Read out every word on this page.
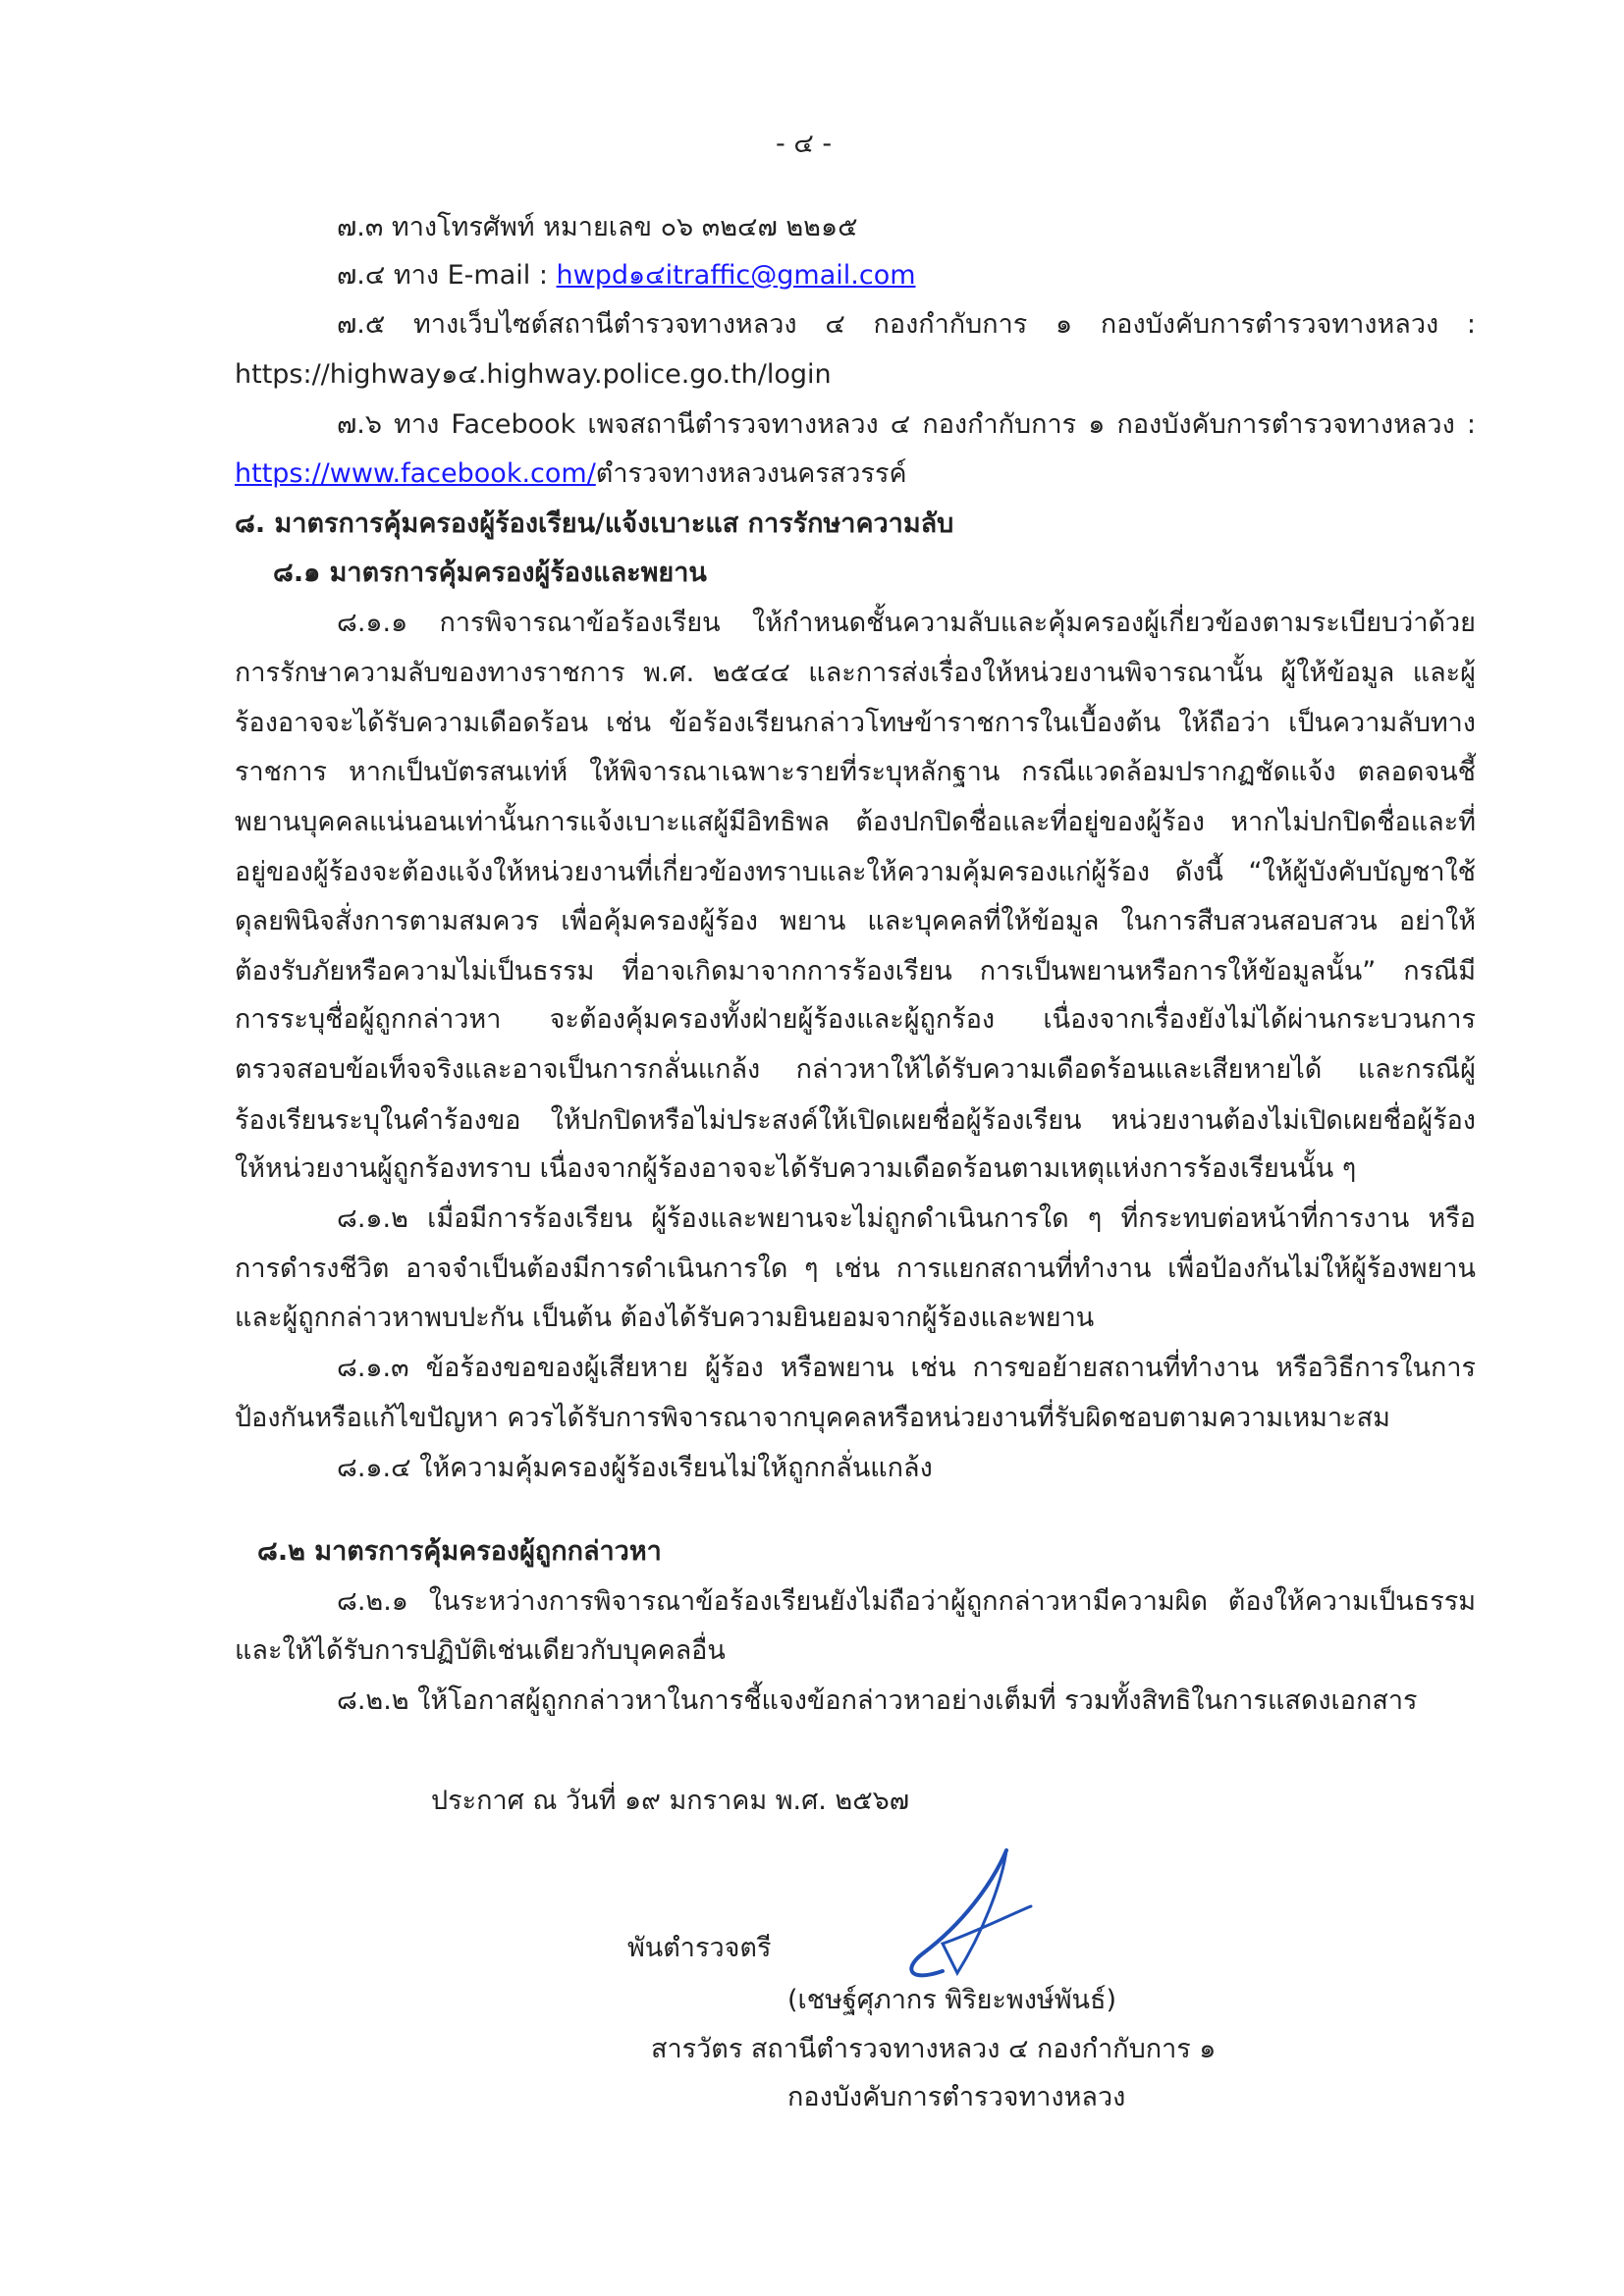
- ๔ -
๗.๓ ทางโทรศัพท์ หมายเลข ๐๖ ๓๒๔๗ ๒๒๑๕
๗.๔ ทาง E-mail : hwpd๑๔itraffic@gmail.com
๗.๕ ทางเว็บไซต์สถานีตำรวจทางหลวง ๔ กองกำกับการ ๑ กองบังคับการตำรวจทางหลวง :
https://highway๑๔.highway.police.go.th/login
๗.๖ ทาง Facebook เพจสถานีตำรวจทางหลวง ๔ กองกำกับการ ๑ กองบังคับการตำรวจทางหลวง :
https://www.facebook.com/ตำรวจทางหลวงนครสวรรค์
๘. มาตรการคุ้มครองผู้ร้องเรียน/แจ้งเบาะแส การรักษาความลับ
๘.๑ มาตรการคุ้มครองผู้ร้องและพยาน
๘.๑.๑ การพิจารณาข้อร้องเรียน ให้กำหนดชั้นความลับและคุ้มครองผู้เกี่ยวข้องตามระเบียบว่าด้วย
การรักษาความลับของทางราชการ พ.ศ. ๒๕๔๔ และการส่งเรื่องให้หน่วยงานพิจารณานั้น ผู้ให้ข้อมูล และผู้
ร้องอาจจะได้รับความเดือดร้อน เช่น ข้อร้องเรียนกล่าวโทษข้าราชการในเบื้องต้น ให้ถือว่า เป็นความลับทาง
ราชการ หากเป็นบัตรสนเท่ห์ ให้พิจารณาเฉพาะรายที่ระบุหลักฐาน กรณีแวดล้อมปรากฏชัดแจ้ง ตลอดจนชี้
พยานบุคคลแน่นอนเท่านั้นการแจ้งเบาะแสผู้มีอิทธิพล ต้องปกปิดชื่อและที่อยู่ของผู้ร้อง หากไม่ปกปิดชื่อและที่
อยู่ของผู้ร้องจะต้องแจ้งให้หน่วยงานที่เกี่ยวข้องทราบและให้ความคุ้มครองแก่ผู้ร้อง ดังนี้ “ให้ผู้บังคับบัญชาใช้
ดุลยพินิจสั่งการตามสมควร เพื่อคุ้มครองผู้ร้อง พยาน และบุคคลที่ให้ข้อมูล ในการสืบสวนสอบสวน อย่าให้
ต้องรับภัยหรือความไม่เป็นธรรม ที่อาจเกิดมาจากการร้องเรียน การเป็นพยานหรือการให้ข้อมูลนั้น” กรณีมี
การระบุชื่อผู้ถูกกล่าวหา จะต้องคุ้มครองทั้งฝ่ายผู้ร้องและผู้ถูกร้อง เนื่องจากเรื่องยังไม่ได้ผ่านกระบวนการ
ตรวจสอบข้อเท็จจริงและอาจเป็นการกลั่นแกล้ง กล่าวหาให้ได้รับความเดือดร้อนและเสียหายได้ และกรณีผู้
ร้องเรียนระบุในคำร้องขอ ให้ปกปิดหรือไม่ประสงค์ให้เปิดเผยชื่อผู้ร้องเรียน หน่วยงานต้องไม่เปิดเผยชื่อผู้ร้อง
ให้หน่วยงานผู้ถูกร้องทราบ เนื่องจากผู้ร้องอาจจะได้รับความเดือดร้อนตามเหตุแห่งการร้องเรียนนั้น ๆ
๘.๑.๒ เมื่อมีการร้องเรียน ผู้ร้องและพยานจะไม่ถูกดำเนินการใด ๆ ที่กระทบต่อหน้าที่การงาน หรือ
การดำรงชีวิต อาจจำเป็นต้องมีการดำเนินการใด ๆ เช่น การแยกสถานที่ทำงาน เพื่อป้องกันไม่ให้ผู้ร้องพยาน
และผู้ถูกกล่าวหาพบปะกัน เป็นต้น ต้องได้รับความยินยอมจากผู้ร้องและพยาน
๘.๑.๓ ข้อร้องขอของผู้เสียหาย ผู้ร้อง หรือพยาน เช่น การขอย้ายสถานที่ทำงาน หรือวิธีการในการ
ป้องกันหรือแก้ไขปัญหา ควรได้รับการพิจารณาจากบุคคลหรือหน่วยงานที่รับผิดชอบตามความเหมาะสม
๘.๑.๔ ให้ความคุ้มครองผู้ร้องเรียนไม่ให้ถูกกลั่นแกล้ง
๘.๒ มาตรการคุ้มครองผู้ถูกกล่าวหา
๘.๒.๑ ในระหว่างการพิจารณาข้อร้องเรียนยังไม่ถือว่าผู้ถูกกล่าวหามีความผิด ต้องให้ความเป็นธรรม
และให้ได้รับการปฏิบัติเช่นเดียวกับบุคคลอื่น
๘.๒.๒ ให้โอกาสผู้ถูกกล่าวหาในการชี้แจงข้อกล่าวหาอย่างเต็มที่ รวมทั้งสิทธิในการแสดงเอกสาร
ประกาศ ณ วันที่ ๑๙ มกราคม พ.ศ. ๒๕๖๗
พันตำรวจตรี
(เชษฐ์ศุภากร พิริยะพงษ์พันธ์)
สารวัตร สถานีตำรวจทางหลวง ๔ กองกำกับการ ๑
กองบังคับการตำรวจทางหลวง
